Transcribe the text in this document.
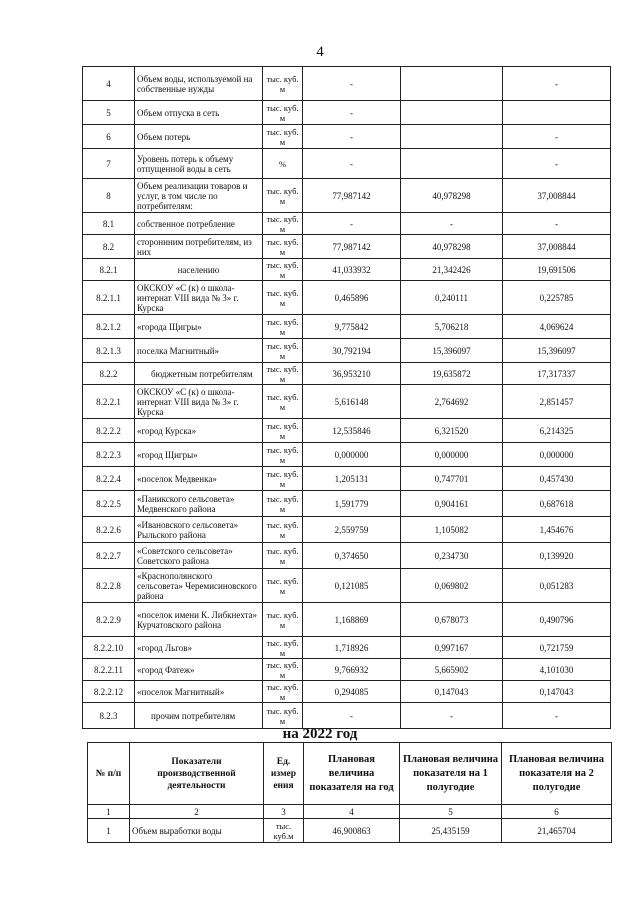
4
4	Объем воды, используемой на собственные нужды	тыс. куб. м	-		-
5	Объем отпуска в сеть	тыс. куб. м	-		
6	Объем потерь	тыс. куб. м	-		-
7	Уровень потерь к объему отпущенной воды в сеть	%	-		-
8	Объем реализации товаров и услуг, в том числе по потребителям:	тыс. куб. м	77,987142	40,978298	37,008844
8.1	собственное потребление	тыс. куб. м	-	-	-
8.2	стороннним потребителям, из них	тыс. куб. м	77,987142	40,978298	37,008844
8.2.1	населению	тыс. куб. м	41,033932	21,342426	19,691506
8.2.1.1	ОКСКОУ «С (к) о школа-интернат VIII вида № 3» г. Курска	тыс. куб. м	0,465896	0,240111	0,225785
8.2.1.2	«города Щигры»	тыс. куб. м	9,775842	5,706218	4,069624
8.2.1.3	поселка Магнитный»	тыс. куб. м	30,792194	15,396097	15,396097
8.2.2	бюджетным потребителям	тыс. куб. м	36,953210	19,635872	17,317337
8.2.2.1	ОКСКОУ «С (к) о школа-интернат VIII вида № 3» г. Курска	тыс. куб. м	5,616148	2,764692	2,851457
8.2.2.2	«город Курска»	тыс. куб. м	12,535846	6,321520	6,214325
8.2.2.3	«город Щигры»	тыс. куб. м	0,000000	0,000000	0,000000
8.2.2.4	«поселок Медвенка»	тыс. куб. м	1,205131	0,747701	0,457430
8.2.2.5	«Паникского сельсовета» Медвенского района	тыс. куб. м	1,591779	0,904161	0,687618
8.2.2.6	«Ивановского сельсовета» Рыльского района	тыс. куб. м	2,559759	1,105082	1,454676
8.2.2.7	«Советского сельсовета» Советского района	тыс. куб. м	0,374650	0,234730	0,139920
8.2.2.8	«Краснополянского сельсовета» Черемисиновского района	тыс. куб. м	0,121085	0,069802	0,051283
8.2.2.9	«поселок имени К. Либкнехта» Курчатовского района	тыс. куб. м	1,168869	0,678073	0,490796
8.2.2.10	«город Льгов»	тыс. куб. м	1,718926	0,997167	0,721759
8.2.2.11	«город Фатеж»	тыс. куб. м	9,766932	5,665902	4,101030
8.2.2.12	«поселок Магнитный»	тыс. куб. м	0,294085	0,147043	0,147043
8.2.3	прочим потребителям	тыс. куб. м	-	-	-
на 2022 год
№ п/п	Показатели производственной деятельности	Ед. измер ения	Плановая величина показателя на год	Плановая величина показателя на 1 полугодие	Плановая величина показателя на 2 полугодие
1	2	3	4	5	6
1	Объем выработки воды	тыс. куб.м	46,900863	25,435159	21,465704
